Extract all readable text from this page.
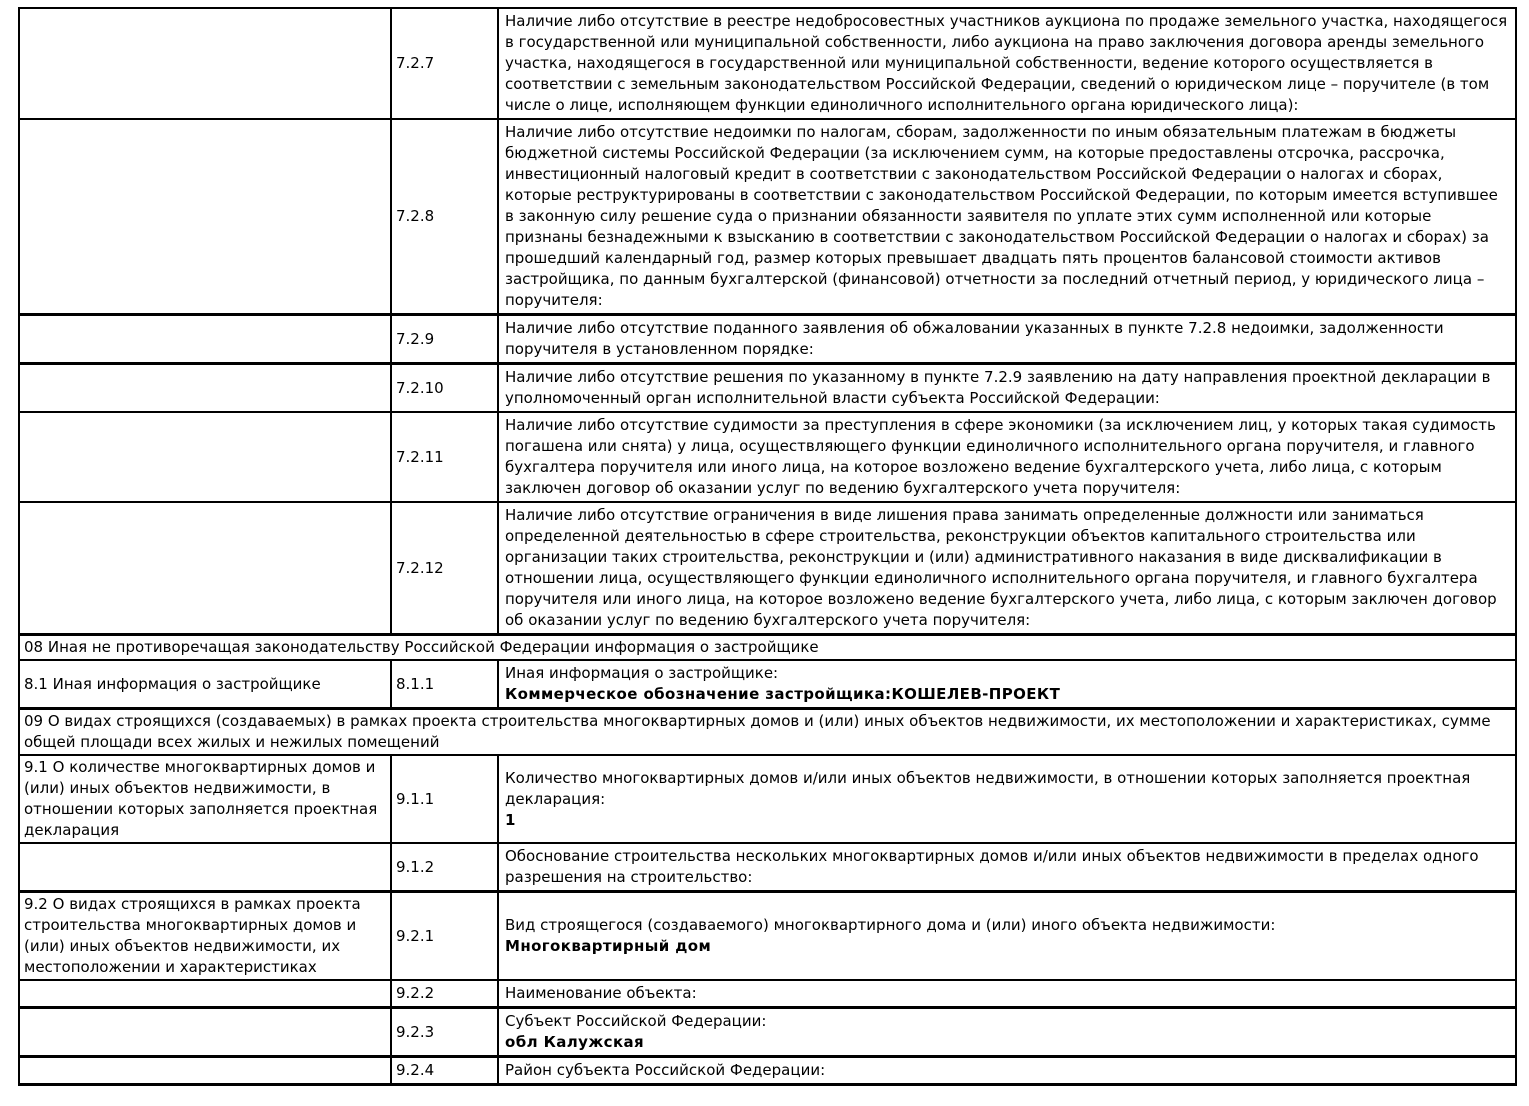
	7.2.7	Наличие либо отсутствие в реестре недобросовестных участников аукциона по продаже земельного участка, находящегося в государственной или муниципальной собственности, либо аукциона на право заключения договора аренды земельного участка, находящегося в государственной или муниципальной собственности, ведение которого осуществляется в соответствии с земельным законодательством Российской Федерации, сведений о юридическом лице – поручителе (в том числе о лице, исполняющем функции единоличного исполнительного органа юридического лица):

	7.2.8	Наличие либо отсутствие недоимки по налогам, сборам, задолженности по иным обязательным платежам в бюджеты бюджетной системы Российской Федерации (за исключением сумм, на которые предоставлены отсрочка, рассрочка, инвестиционный налоговый кредит в соответствии с законодательством Российской Федерации о налогах и сборах, которые реструктурированы в соответствии с законодательством Российской Федерации, по которым имеется вступившее в законную силу решение суда о признании обязанности заявителя по уплате этих сумм исполненной или которые признаны безнадежными к взысканию в соответствии с законодательством Российской Федерации о налогах и сборах) за прошедший календарный год, размер которых превышает двадцать пять процентов балансовой стоимости активов застройщика, по данным бухгалтерской (финансовой) отчетности за последний отчетный период, у юридического лица – поручителя:

	7.2.9	Наличие либо отсутствие поданного заявления об обжаловании указанных в пункте 7.2.8 недоимки, задолженности поручителя в установленном порядке:

	7.2.10	Наличие либо отсутствие решения по указанному в пункте 7.2.9 заявлению на дату направления проектной декларации в уполномоченный орган исполнительной власти субъекта Российской Федерации:

	7.2.11	Наличие либо отсутствие судимости за преступления в сфере экономики (за исключением лиц, у которых такая судимость погашена или снята) у лица, осуществляющего функции единоличного исполнительного органа поручителя, и главного бухгалтера поручителя или иного лица, на которое возложено ведение бухгалтерского учета, либо лица, с которым заключен договор об оказании услуг по ведению бухгалтерского учета поручителя:

	7.2.12	Наличие либо отсутствие ограничения в виде лишения права занимать определенные должности или заниматься определенной деятельностью в сфере строительства, реконструкции объектов капитального строительства или организации таких строительства, реконструкции и (или) административного наказания в виде дисквалификации в отношении лица, осуществляющего функции единоличного исполнительного органа поручителя, и главного бухгалтера поручителя или иного лица, на которое возложено ведение бухгалтерского учета, либо лица, с которым заключен договор об оказании услуг по ведению бухгалтерского учета поручителя:

08 Иная не противоречащая законодательству Российской Федерации информация о застройщике		
8.1 Иная информация о застройщике	8.1.1	Иная информация о застройщике:
Коммерческое обозначение застройщика:КОШЕЛЕВ-ПРОЕКТ

09 О видах строящихся (создаваемых) в рамках проекта строительства многоквартирных домов и (или) иных объектов недвижимости, их местоположении и характеристиках, сумме общей площади всех жилых и нежилых помещений		
9.1 О количестве многоквартирных домов и (или) иных объектов недвижимости, в отношении которых заполняется проектная декларация	9.1.1	Количество многоквартирных домов и/или иных объектов недвижимости, в отношении которых заполняется проектная декларация:
1

	9.1.2	Обоснование строительства нескольких многоквартирных домов и/или иных объектов недвижимости в пределах одного разрешения на строительство:

9.2 О видах строящихся в рамках проекта строительства многоквартирных домов и (или) иных объектов недвижимости, их местоположении и характеристиках	9.2.1	Вид строящегося (создаваемого) многоквартирного дома и (или) иного объекта недвижимости:
Многоквартирный дом

	9.2.2	Наименование объекта:

	9.2.3	Субъект Российской Федерации:
обл Калужская

	9.2.4	Район субъекта Российской Федерации:
